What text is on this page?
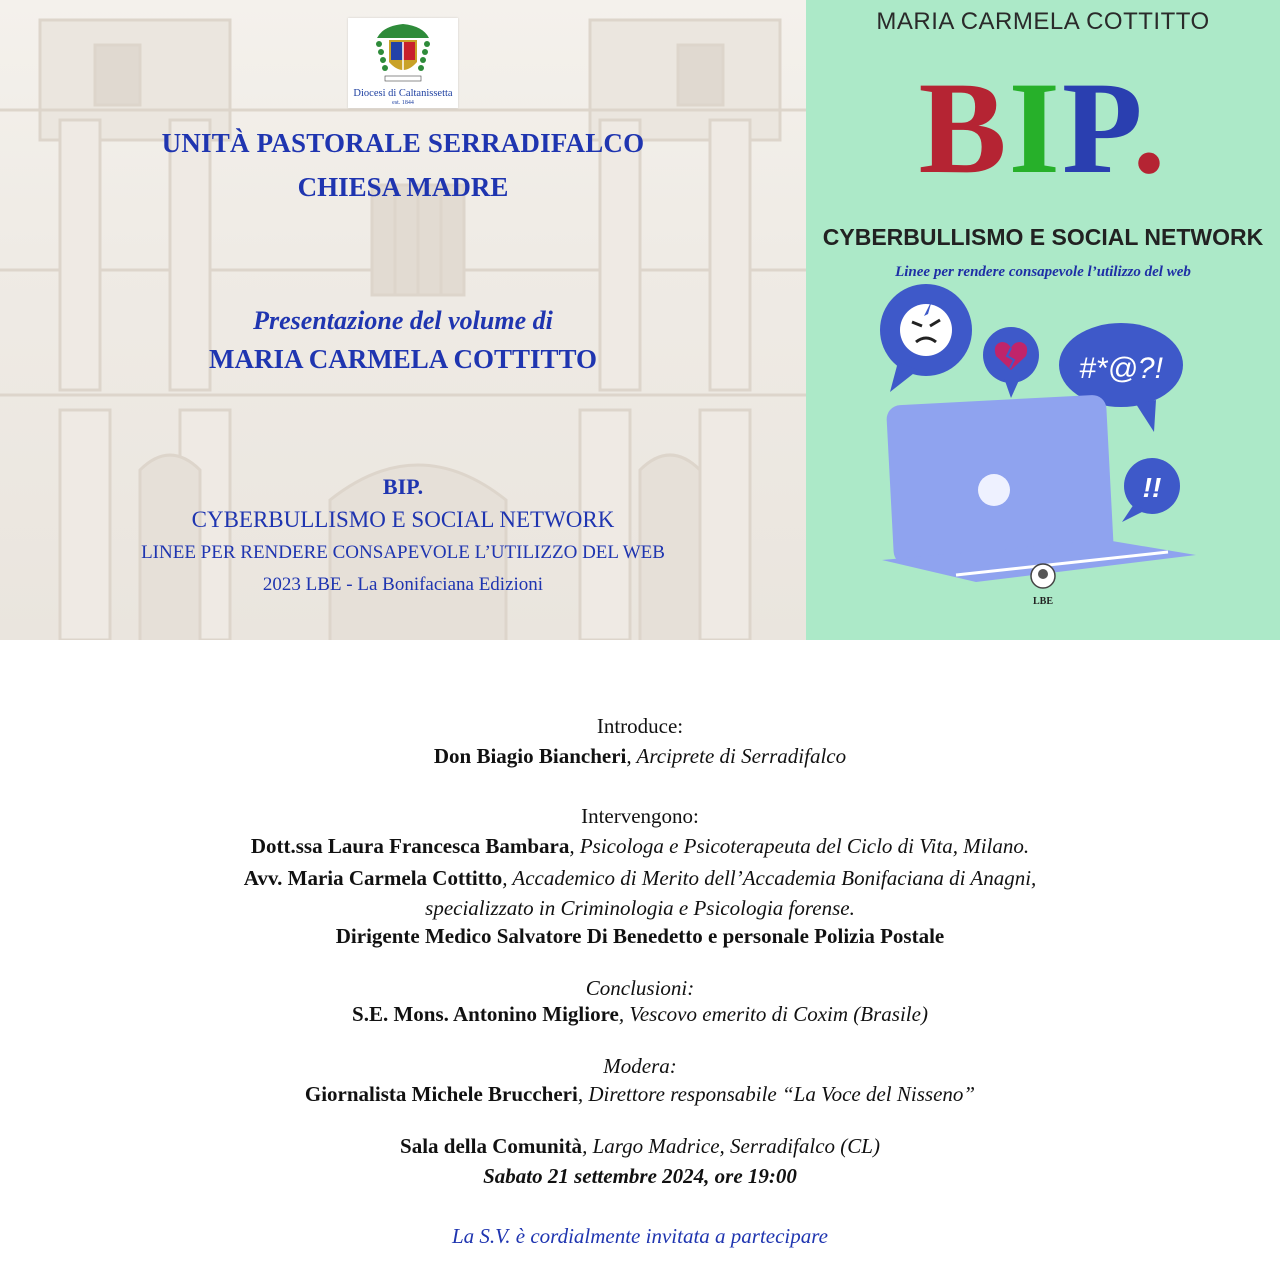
Diocesi di Caltanissetta
est. 1844
UNITÀ PASTORALE SERRADIFALCO
CHIESA MADRE
Presentazione del volume di
MARIA CARMELA COTTITTO
BIP.
CYBERBULLISMO E SOCIAL NETWORK
LINEE PER RENDERE CONSAPEVOLE L’UTILIZZO DEL WEB
2023 LBE - La Bonifaciana Edizioni
MARIA CARMELA COTTITTO
BIP.
CYBERBULLISMO E SOCIAL NETWORK
Linee per rendere consapevole l’utilizzo del web
#*@?!
!!
LBE
Introduce:
Don Biagio Biancheri, Arciprete di Serradifalco
Intervengono:
Dott.ssa Laura Francesca Bambara, Psicologa e Psicoterapeuta del Ciclo di Vita, Milano.
Avv. Maria Carmela Cottitto, Accademico di Merito dell’Accademia Bonifaciana di Anagni,
specializzato in Criminologia e Psicologia forense.
Dirigente Medico Salvatore Di Benedetto e personale Polizia Postale
Conclusioni:
S.E. Mons. Antonino Migliore, Vescovo emerito di Coxim (Brasile)
Modera:
Giornalista Michele Bruccheri, Direttore responsabile “La Voce del Nisseno”
Sala della Comunità, Largo Madrice, Serradifalco (CL)
Sabato 21 settembre 2024, ore 19:00
La S.V. è cordialmente invitata a partecipare
